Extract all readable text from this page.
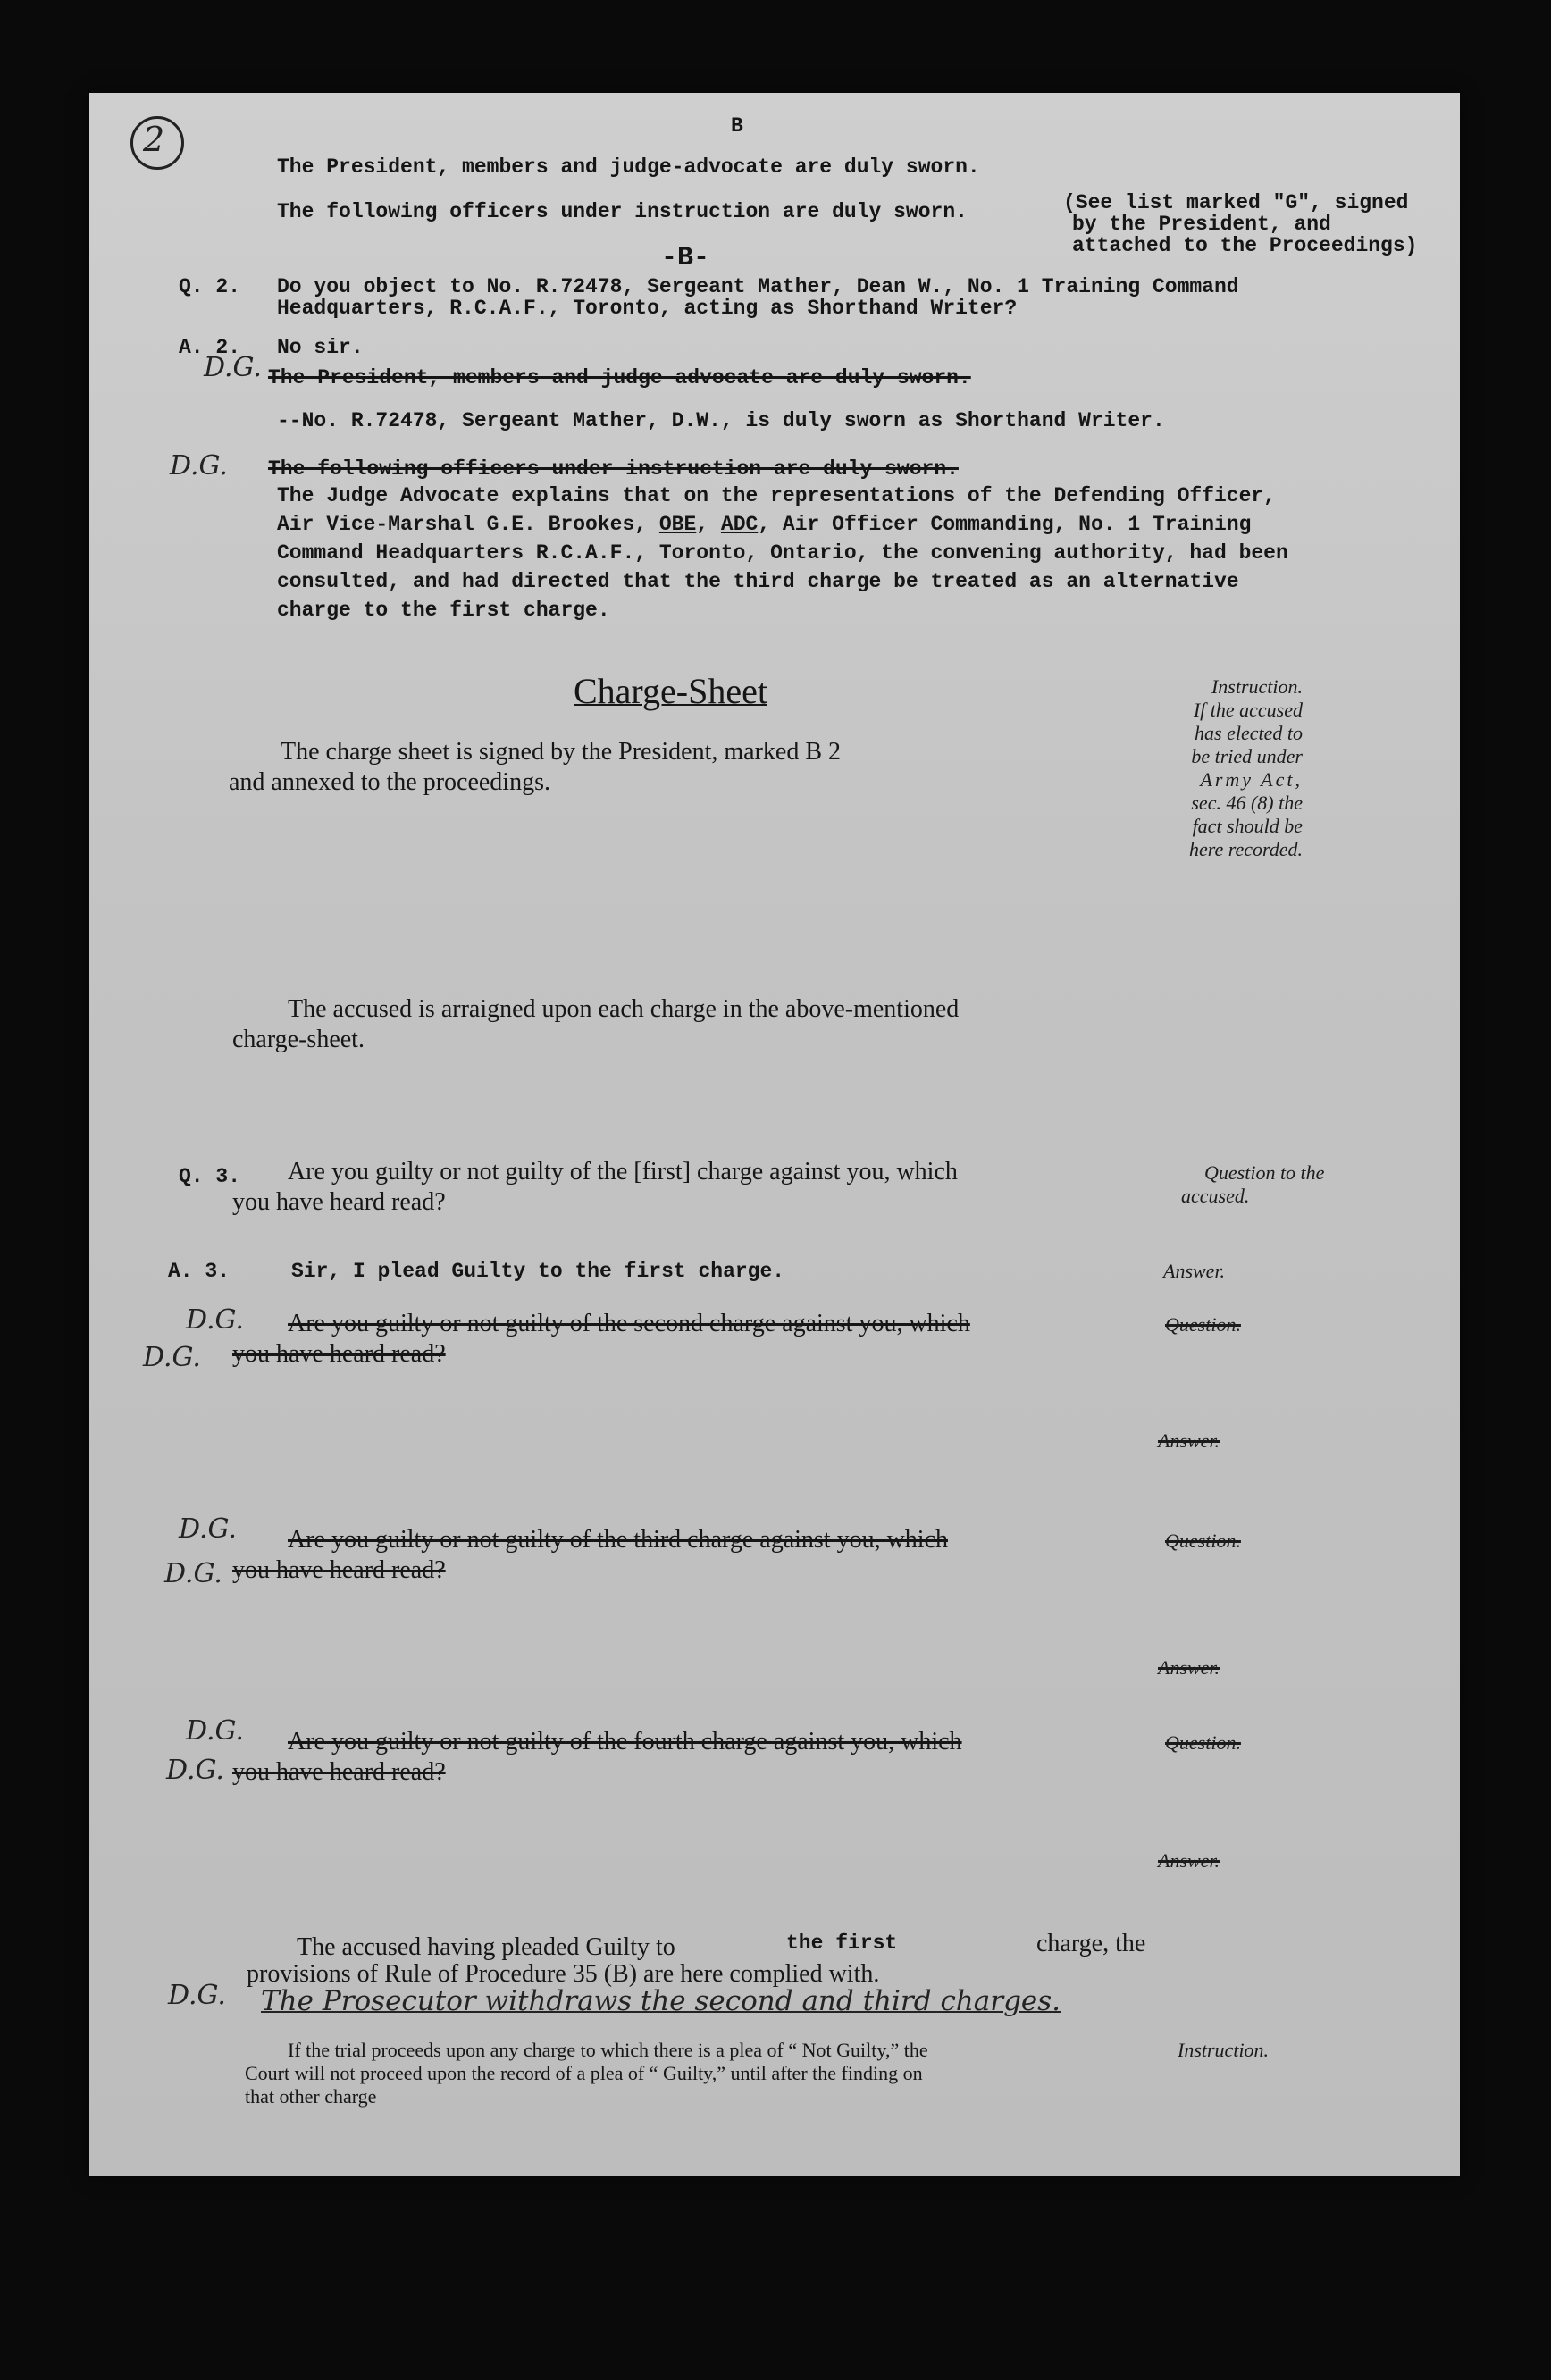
2	B
The President, members and judge-advocate are duly sworn.
The following officers under instruction are duly sworn.	(See list marked "G", signed
by the President, and
attached to the Proceedings)
-B-
Q. 2. Do you object to No. R.72478, Sergeant Mather, Dean W., No. 1 Training Command
Headquarters, R.C.A.F., Toronto, acting as Shorthand Writer?
A. 2. No sir.
D.G. The President, members and judge advocate are duly sworn.
--No. R.72478, Sergeant Mather, D.W., is duly sworn as Shorthand Writer.
D.G. The following officers under instruction are duly sworn.
The Judge Advocate explains that on the representations of the Defending Officer,
Air Vice-Marshal G.E. Brookes, OBE, ADC, Air Officer Commanding, No. 1 Training
Command Headquarters R.C.A.F., Toronto, Ontario, the convening authority, had been
consulted, and had directed that the third charge be treated as an alternative
charge to the first charge.
Charge-Sheet
The charge sheet is signed by the President, marked B 2
and annexed to the proceedings.
Instruction.
If the accused
has elected to
be tried under
Army Act,
sec. 46 (8) the
fact should be
here recorded.
The accused is arraigned upon each charge in the above-mentioned
charge-sheet.
Q. 3. Are you guilty or not guilty of the [first] charge against you, which
you have heard read?
Question to the
accused.
A. 3.	Sir, I plead Guilty to the first charge.	Answer.
D.G. Are you guilty or not guilty of the second charge against you, which	Question.
D.G. you have heard read?
Answer.
D.G. Are you guilty or not guilty of the third charge against you, which	Question.
D.G. you have heard read?
Answer.
D.G. Are you guilty or not guilty of the fourth charge against you, which	Question.
D.G. you have heard read?
Answer.
The accused having pleaded Guilty to	the first	charge, the
provisions of Rule of Procedure 35 (B) are here complied with.
D.G. The Prosecutor withdraws the second and third charges.
If the trial proceeds upon any charge to which there is a plea of “ Not Guilty,” the	Instruction.
Court will not proceed upon the record of a plea of “ Guilty,” until after the finding on
that other charge
